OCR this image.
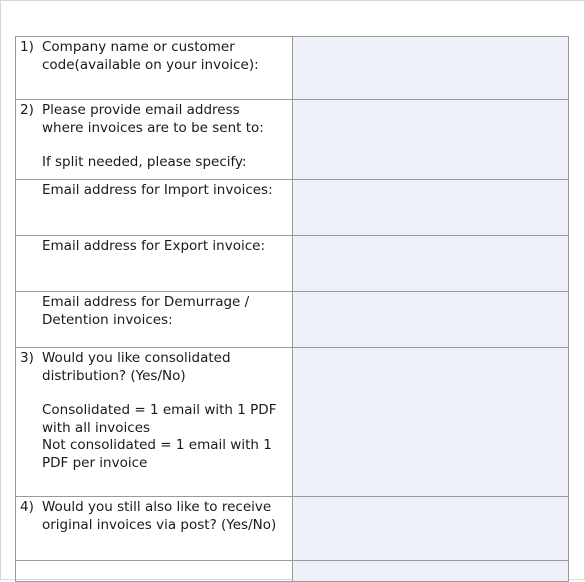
1) Company name or customer code(available on your invoice):	

2) Please provide email address where invoices are to be sent to:
If split needed, please specify:	

Email address for Import invoices:	

Email address for Export invoice:	

Email address for Demurrage / Detention invoices:	

3) Would you like consolidated distribution? (Yes/No)
Consolidated = 1 email with 1 PDF with all invoices
Not consolidated = 1 email with 1 PDF per invoice	

4) Would you still also like to receive original invoices via post? (Yes/No)	
